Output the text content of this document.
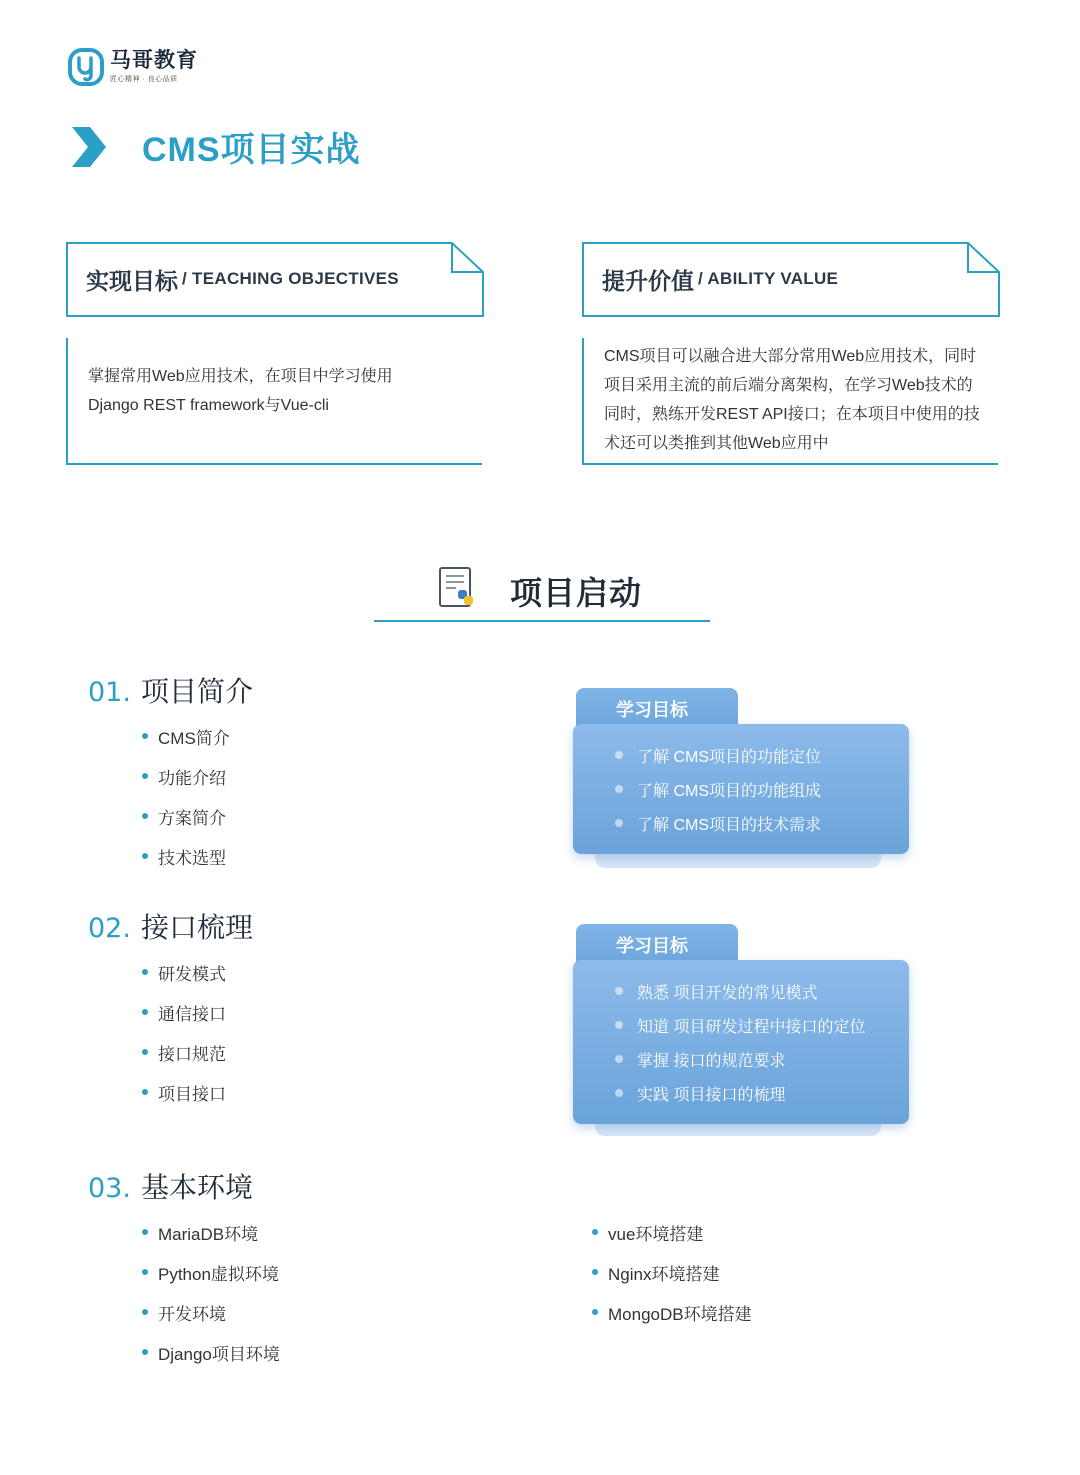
马哥教育
匠心精神 · 良心品质
CMS项目实战
实现目标 / TEACHING OBJECTIVES

掌握常用Web应用技术，在项目中学习使用Django REST framework与Vue-cli

提升价值 / ABILITY VALUE

CMS项目可以融合进大部分常用Web应用技术，同时项目采用主流的前后端分离架构，在学习Web技术的同时，熟练开发REST API接口；在本项目中使用的技术还可以类推到其他Web应用中

项目启动
01. 项目简介
CMS简介
功能介绍
方案简介
技术选型
学习目标
了解 CMS项目的功能定位
了解 CMS项目的功能组成
了解 CMS项目的技术需求
02. 接口梳理
研发模式
通信接口
接口规范
项目接口
学习目标
熟悉 项目开发的常见模式
知道 项目研发过程中接口的定位
掌握 接口的规范要求
实践 项目接口的梳理
03. 基本环境
MariaDB环境
Python虚拟环境
开发环境
Django项目环境
vue环境搭建
Nginx环境搭建
MongoDB环境搭建
